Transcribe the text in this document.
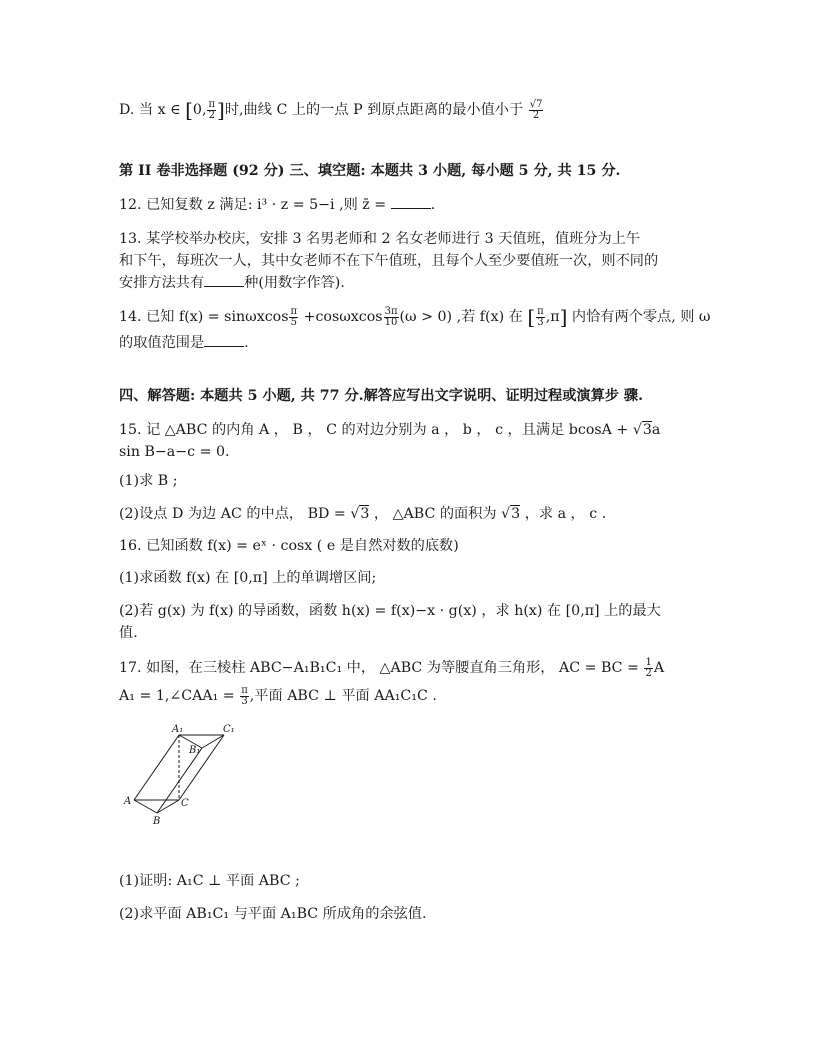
D. 当 x ∈ [0, $\frac{\pi}{2}$ ]时,曲线 C 上的一点 P 到原点距离的最小值小于 $\frac{√7}{2}$
第 II 卷非选择题 (92 分) 三、填空题: 本题共 3 小题, 每小题 5 分, 共 15 分.
12. 已知复数 z 满足: i³ · z = 5−i ,则 z̄ =	.
13. 某学校举办校庆，安排 3 名男老师和 2 名女老师进行 3 天值班，值班分为上午
和下午，每班次一人，其中女老师不在下午值班，且每个人至少要值班一次，则不同的
安排方法共有	种(用数字作答).
14. 已知 f(x) = sinωxcos $\frac{\pi}{5} +\cos\omega xcos \frac{3\pi}{10} (\omega > 0)$ ,若 f(x) 在 [ $\frac{\pi}{3} ,\pi$] 内恰有两个零点, 则 ω
的取值范围是	.
四、解答题: 本题共 5 小题, 共 77 分.解答应写出文字说明、证明过程或演算步 骤.
15. 记 △ABC 的内角 A ， B ， C 的对边分别为 a ， b ， c ，且满足 bcosA + √3a
sin B−a−c = 0.
(1)求 B ;
(2)设点 D 为边 AC 的中点， BD = √3 ， △ABC 的面积为 √3 ，求 a ， c .
16. 已知函数 f(x) = eˣ · cosx ( e 是自然对数的底数)
(1)求函数 f(x) 在 [0,π] 上的单调增区间;
(2)若 g(x) 为 f(x) 的导函数，函数 h(x) = f(x)−x · g(x) ，求 h(x) 在 [0,π] 上的最大
值.
17. 如图，在三棱柱 ABC−A₁B₁C₁ 中， △ABC 为等腰直角三角形， AC = BC = $\frac{1}{2}$ A
A₁ = 1,∠CAA₁ = $\frac{\pi}{3}$ ,平面 ABC ⊥ 平面 AA₁C₁C .
A₁	C₁
B₁
A	C
B
(1)证明: A₁C ⊥ 平面 ABC ;
(2)求平面 AB₁C₁ 与平面 A₁BC 所成角的余弦值.
